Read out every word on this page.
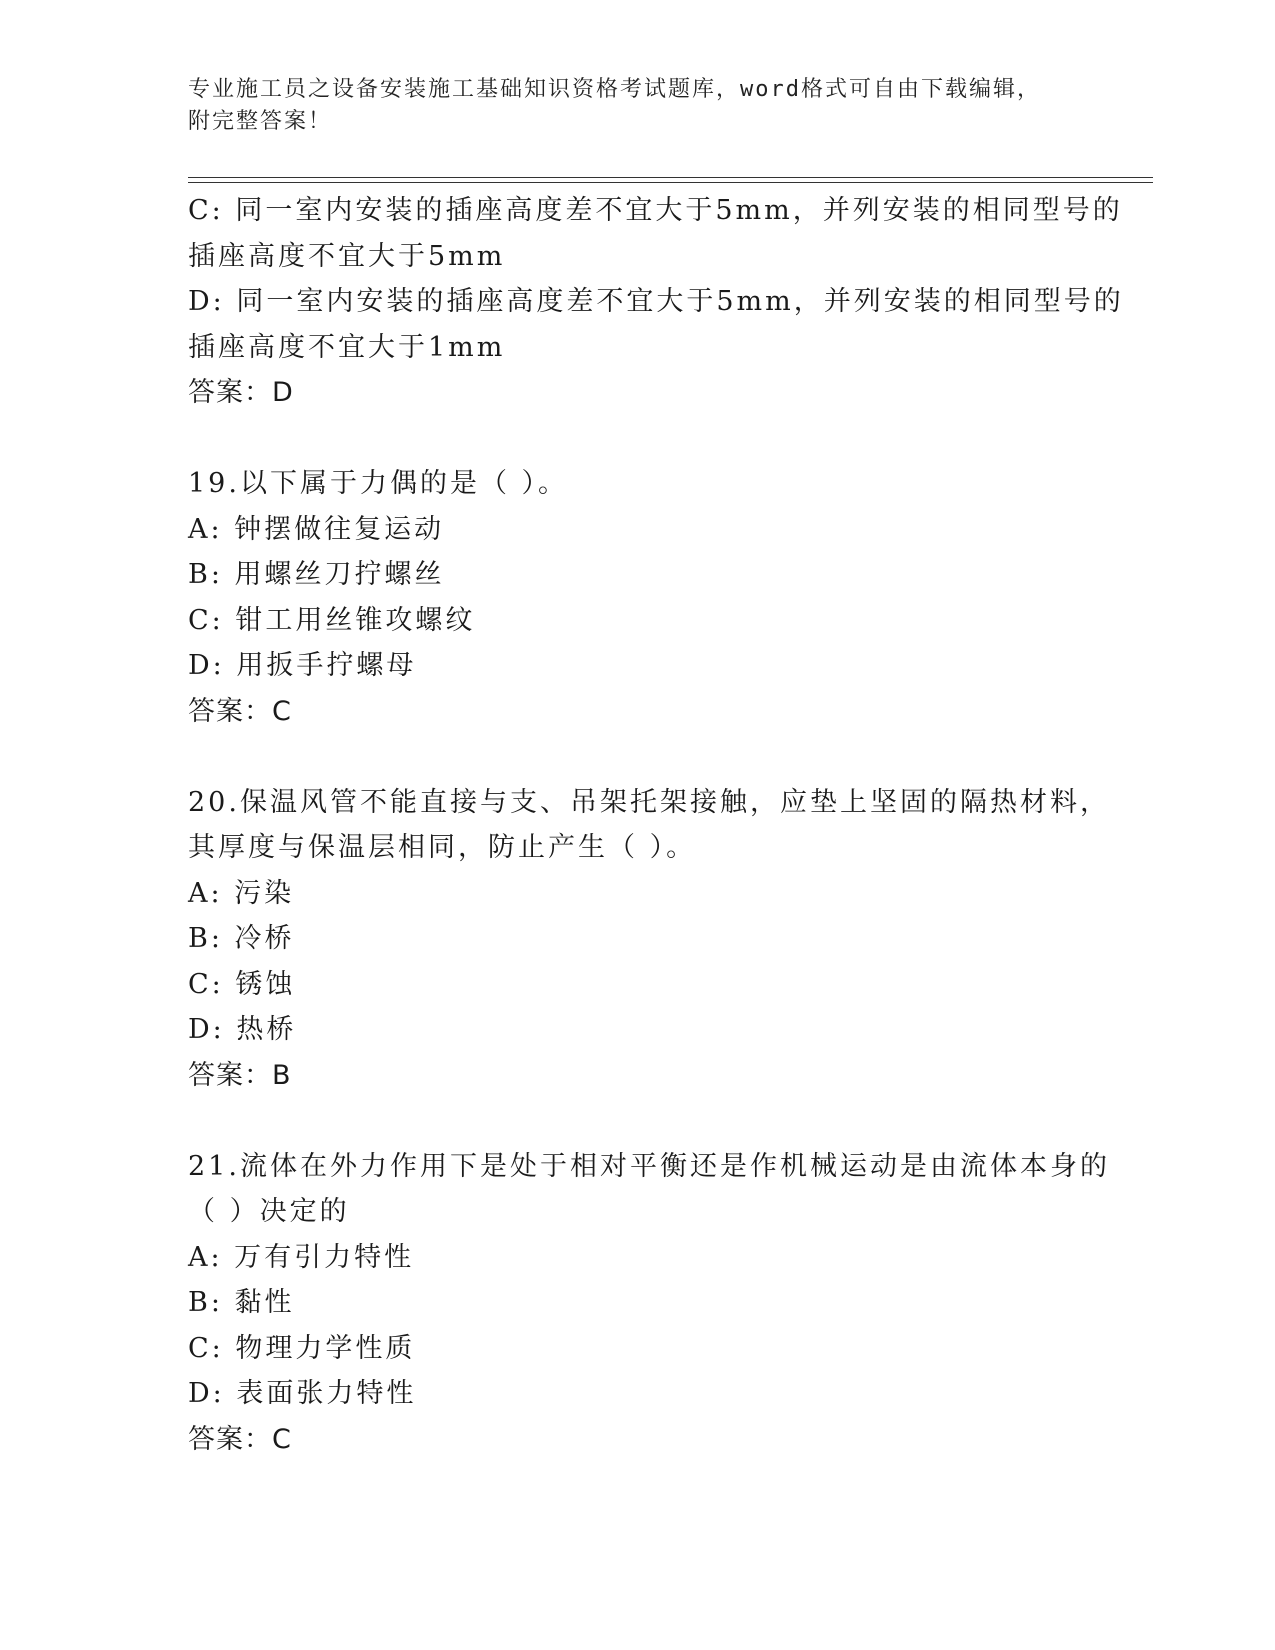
专业施工员之设备安装施工基础知识资格考试题库，word格式可自由下载编辑，
附完整答案！
C: 同一室内安装的插座高度差不宜大于5mm，并列安装的相同型号的
插座高度不宜大于5mm
D: 同一室内安装的插座高度差不宜大于5mm，并列安装的相同型号的
插座高度不宜大于1mm
答案：D
19.以下属于力偶的是（ ）。
A: 钟摆做往复运动
B: 用螺丝刀拧螺丝
C: 钳工用丝锥攻螺纹
D: 用扳手拧螺母
答案：C
20.保温风管不能直接与支、吊架托架接触，应垫上坚固的隔热材料，
其厚度与保温层相同，防止产生（ ）。
A: 污染
B: 冷桥
C: 锈蚀
D: 热桥
答案：B
21.流体在外力作用下是处于相对平衡还是作机械运动是由流体本身的
（ ）决定的
A: 万有引力特性
B: 黏性
C: 物理力学性质
D: 表面张力特性
答案：C
